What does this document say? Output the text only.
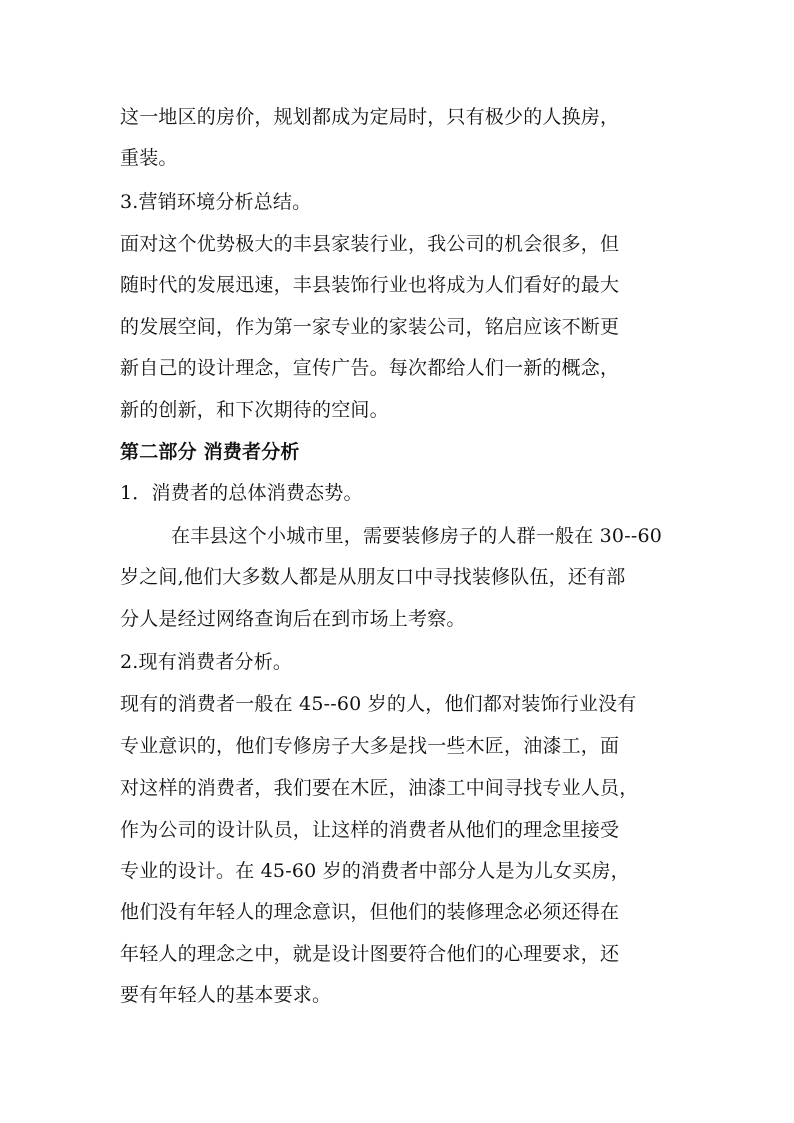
这一地区的房价，规划都成为定局时，只有极少的人换房，
重装。
3.营销环境分析总结。
面对这个优势极大的丰县家装行业，我公司的机会很多，但
随时代的发展迅速，丰县装饰行业也将成为人们看好的最大
的发展空间，作为第一家专业的家装公司，铭启应该不断更
新自己的设计理念，宣传广告。每次都给人们一新的概念，
新的创新，和下次期待的空间。
第二部分 消费者分析
1．消费者的总体消费态势。
在丰县这个小城市里，需要装修房子的人群一般在 30--60
岁之间,他们大多数人都是从朋友口中寻找装修队伍，还有部
分人是经过网络查询后在到市场上考察。
2.现有消费者分析。
现有的消费者一般在 45--60 岁的人，他们都对装饰行业没有
专业意识的，他们专修房子大多是找一些木匠，油漆工，面
对这样的消费者，我们要在木匠，油漆工中间寻找专业人员，
作为公司的设计队员，让这样的消费者从他们的理念里接受
专业的设计。在 45-60 岁的消费者中部分人是为儿女买房，
他们没有年轻人的理念意识，但他们的装修理念必须还得在
年轻人的理念之中，就是设计图要符合他们的心理要求，还
要有年轻人的基本要求。
